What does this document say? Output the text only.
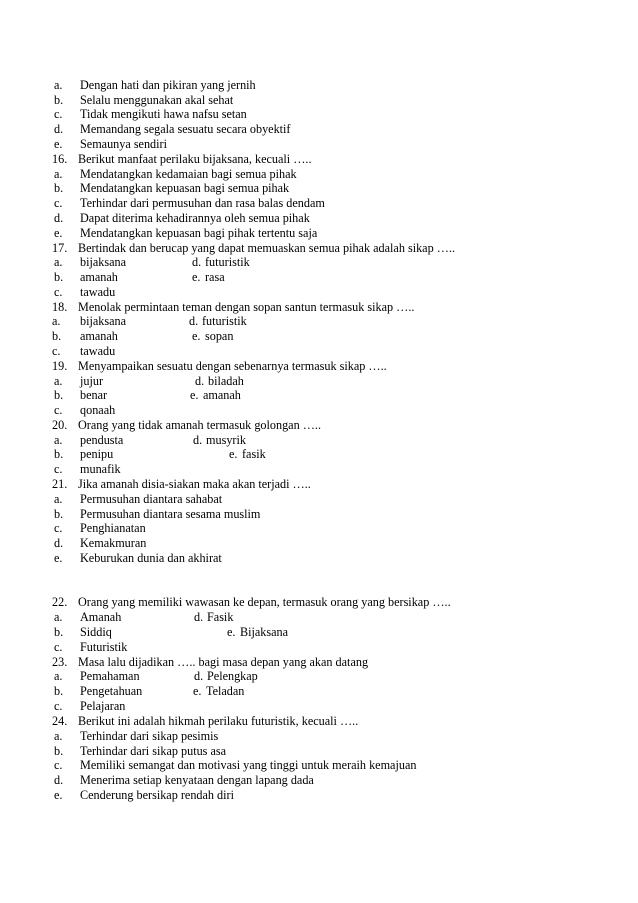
a. Dengan hati dan pikiran yang jernih
b. Selalu menggunakan akal sehat
c. Tidak mengikuti hawa nafsu setan
d. Memandang segala sesuatu secara obyektif
e. Semaunya sendiri
16. Berikut manfaat perilaku bijaksana, kecuali …..
a. Mendatangkan kedamaian bagi semua pihak
b. Mendatangkan kepuasan bagi semua pihak
c. Terhindar dari permusuhan dan rasa balas dendam
d. Dapat diterima kehadirannya oleh semua pihak
e. Mendatangkan kepuasan bagi pihak tertentu saja
17. Bertindak dan berucap yang dapat memuaskan semua pihak adalah sikap …..
a. bijaksana	d. futuristik
b. amanah	e. rasa
c. tawadu
18. Menolak permintaan teman dengan sopan santun termasuk sikap …..
a. bijaksana	d. futuristik
b. amanah	e. sopan
c. tawadu
19. Menyampaikan sesuatu dengan sebenarnya termasuk sikap …..
a. jujur	d. biladah
b. benar	e. amanah
c. qonaah
20. Orang yang tidak amanah termasuk golongan …..
a. pendusta	d. musyrik
b. penipu	e. fasik
c. munafik
21. Jika amanah disia-siakan maka akan terjadi …..
a. Permusuhan diantara sahabat
b. Permusuhan diantara sesama muslim
c. Penghianatan
d. Kemakmuran
e. Keburukan dunia dan akhirat
22. Orang yang memiliki wawasan ke depan, termasuk orang yang bersikap …..
a. Amanah	d. Fasik
b. Siddiq	e. Bijaksana
c. Futuristik
23. Masa lalu dijadikan ….. bagi masa depan yang akan datang
a. Pemahaman	d. Pelengkap
b. Pengetahuan	e. Teladan
c. Pelajaran
24. Berikut ini adalah hikmah perilaku futuristik, kecuali …..
a. Terhindar dari sikap pesimis
b. Terhindar dari sikap putus asa
c. Memiliki semangat dan motivasi yang tinggi untuk meraih kemajuan
d. Menerima setiap kenyataan dengan lapang dada
e. Cenderung bersikap rendah diri
